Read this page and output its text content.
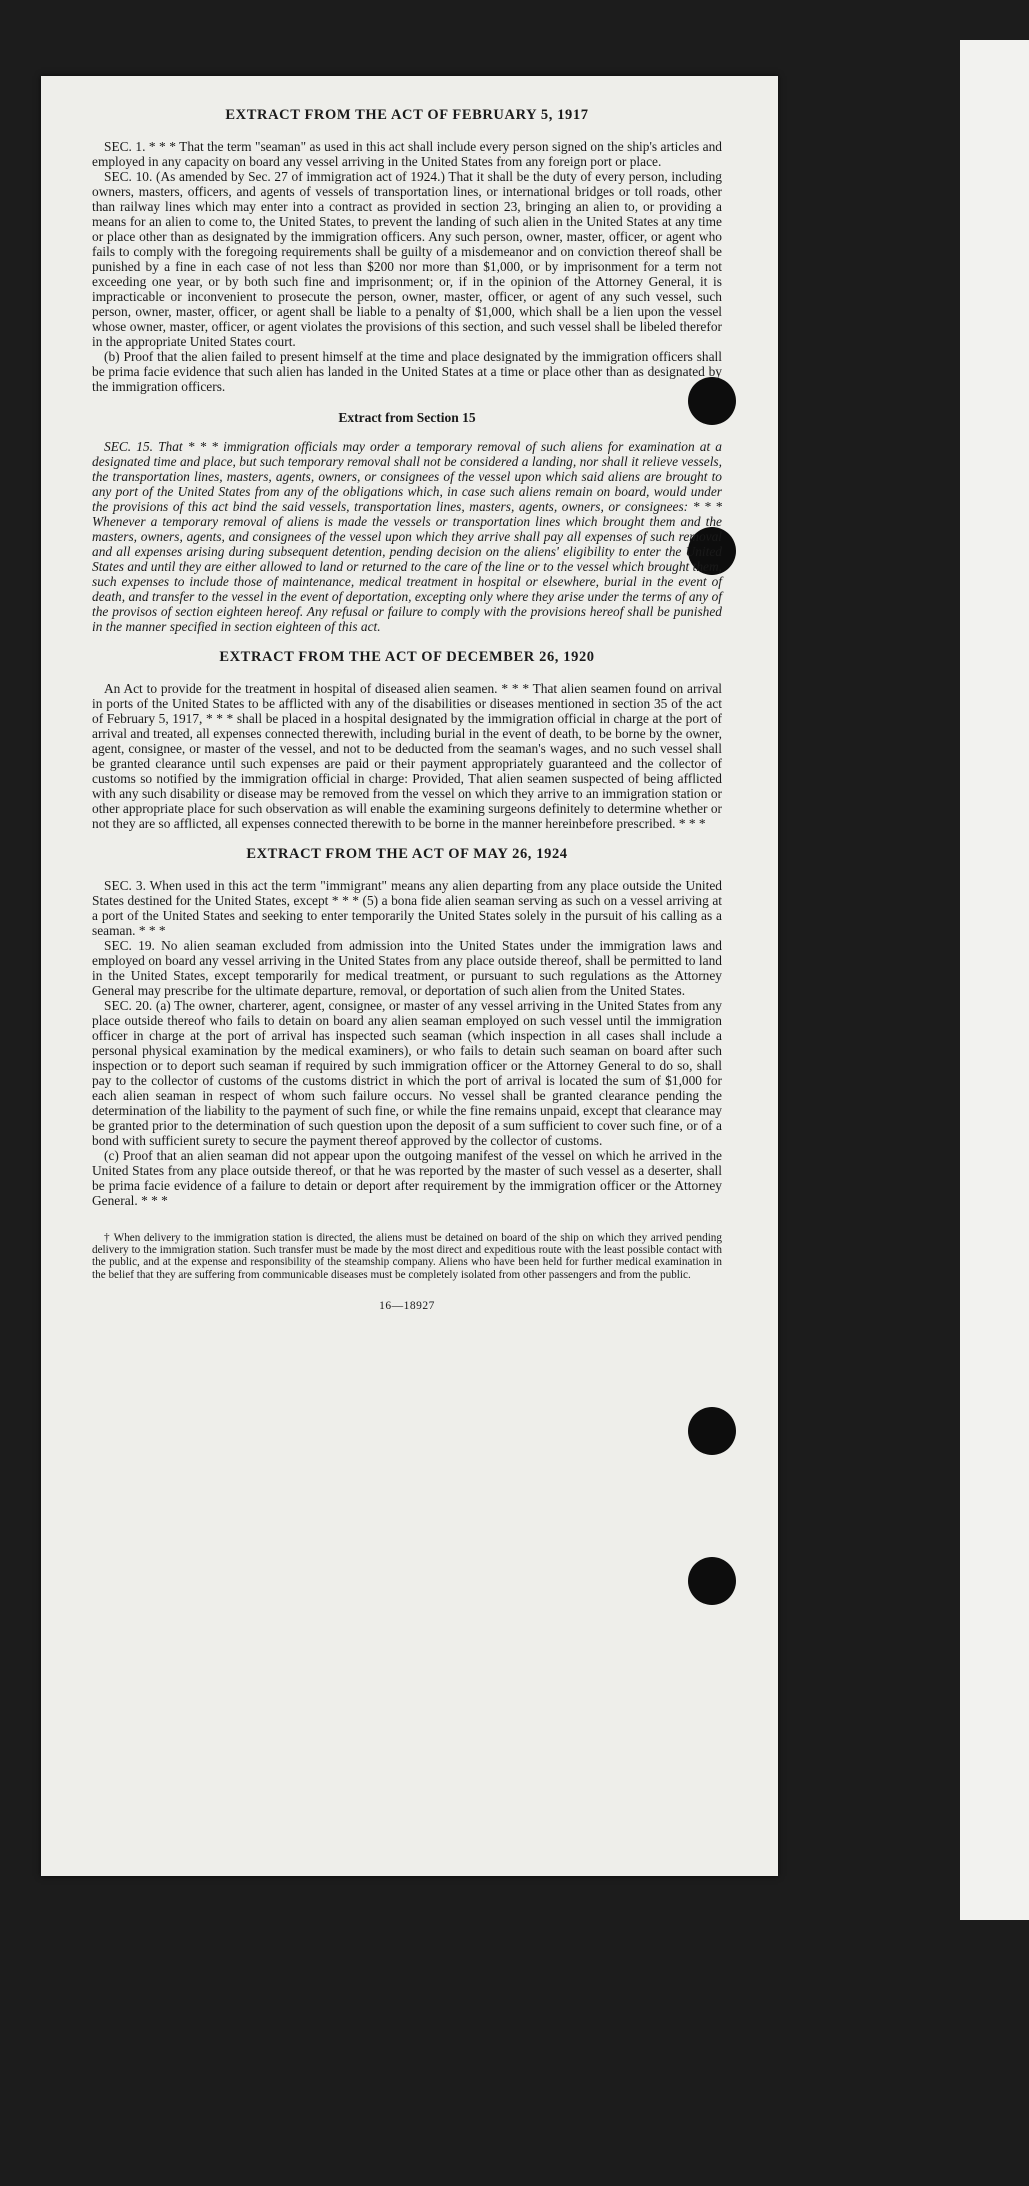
EXTRACT FROM THE ACT OF FEBRUARY 5, 1917

SEC. 1. * * * That the term "seaman" as used in this act shall include every person signed on the ship's articles and employed in any capacity on board any vessel arriving in the United States from any foreign port or place.

SEC. 10. (As amended by Sec. 27 of immigration act of 1924.) That it shall be the duty of every person, including owners, masters, officers, and agents of vessels of transportation lines, or international bridges or toll roads, other than railway lines which may enter into a contract as provided in section 23, bringing an alien to, or providing a means for an alien to come to, the United States, to prevent the landing of such alien in the United States at any time or place other than as designated by the immigration officers. Any such person, owner, master, officer, or agent who fails to comply with the foregoing requirements shall be guilty of a misdemeanor and on conviction thereof shall be punished by a fine in each case of not less than $200 nor more than $1,000, or by imprisonment for a term not exceeding one year, or by both such fine and imprisonment; or, if in the opinion of the Attorney General, it is impracticable or inconvenient to prosecute the person, owner, master, officer, or agent of any such vessel, such person, owner, master, officer, or agent shall be liable to a penalty of $1,000, which shall be a lien upon the vessel whose owner, master, officer, or agent violates the provisions of this section, and such vessel shall be libeled therefor in the appropriate United States court.

(b) Proof that the alien failed to present himself at the time and place designated by the immigration officers shall be prima facie evidence that such alien has landed in the United States at a time or place other than as designated by the immigration officers.

Extract from Section 15

SEC. 15. That * * * immigration officials may order a temporary removal of such aliens for examination at a designated time and place, but such temporary removal shall not be considered a landing, nor shall it relieve vessels, the transportation lines, masters, agents, owners, or consignees of the vessel upon which said aliens are brought to any port of the United States from any of the obligations which, in case such aliens remain on board, would under the provisions of this act bind the said vessels, transportation lines, masters, agents, owners, or consignees: * * * Whenever a temporary removal of aliens is made the vessels or transportation lines which brought them and the masters, owners, agents, and consignees of the vessel upon which they arrive shall pay all expenses of such removal and all expenses arising during subsequent detention, pending decision on the aliens' eligibility to enter the United States and until they are either allowed to land or returned to the care of the line or to the vessel which brought them, such expenses to include those of maintenance, medical treatment in hospital or elsewhere, burial in the event of death, and transfer to the vessel in the event of deportation, excepting only where they arise under the terms of any of the provisos of section eighteen hereof. Any refusal or failure to comply with the provisions hereof shall be punished in the manner specified in section eighteen of this act.

EXTRACT FROM THE ACT OF DECEMBER 26, 1920

An Act to provide for the treatment in hospital of diseased alien seamen. * * * That alien seamen found on arrival in ports of the United States to be afflicted with any of the disabilities or diseases mentioned in section 35 of the act of February 5, 1917, * * * shall be placed in a hospital designated by the immigration official in charge at the port of arrival and treated, all expenses connected therewith, including burial in the event of death, to be borne by the owner, agent, consignee, or master of the vessel, and not to be deducted from the seaman's wages, and no such vessel shall be granted clearance until such expenses are paid or their payment appropriately guaranteed and the collector of customs so notified by the immigration official in charge: Provided, That alien seamen suspected of being afflicted with any such disability or disease may be removed from the vessel on which they arrive to an immigration station or other appropriate place for such observation as will enable the examining surgeons definitely to determine whether or not they are so afflicted, all expenses connected therewith to be borne in the manner hereinbefore prescribed. * * *

EXTRACT FROM THE ACT OF MAY 26, 1924

SEC. 3. When used in this act the term "immigrant" means any alien departing from any place outside the United States destined for the United States, except * * * (5) a bona fide alien seaman serving as such on a vessel arriving at a port of the United States and seeking to enter temporarily the United States solely in the pursuit of his calling as a seaman. * * *

SEC. 19. No alien seaman excluded from admission into the United States under the immigration laws and employed on board any vessel arriving in the United States from any place outside thereof, shall be permitted to land in the United States, except temporarily for medical treatment, or pursuant to such regulations as the Attorney General may prescribe for the ultimate departure, removal, or deportation of such alien from the United States.

SEC. 20. (a) The owner, charterer, agent, consignee, or master of any vessel arriving in the United States from any place outside thereof who fails to detain on board any alien seaman employed on such vessel until the immigration officer in charge at the port of arrival has inspected such seaman (which inspection in all cases shall include a personal physical examination by the medical examiners), or who fails to detain such seaman on board after such inspection or to deport such seaman if required by such immigration officer or the Attorney General to do so, shall pay to the collector of customs of the customs district in which the port of arrival is located the sum of $1,000 for each alien seaman in respect of whom such failure occurs. No vessel shall be granted clearance pending the determination of the liability to the payment of such fine, or while the fine remains unpaid, except that clearance may be granted prior to the determination of such question upon the deposit of a sum sufficient to cover such fine, or of a bond with sufficient surety to secure the payment thereof approved by the collector of customs.

(c) Proof that an alien seaman did not appear upon the outgoing manifest of the vessel on which he arrived in the United States from any place outside thereof, or that he was reported by the master of such vessel as a deserter, shall be prima facie evidence of a failure to detain or deport after requirement by the immigration officer or the Attorney General. * * *

† When delivery to the immigration station is directed, the aliens must be detained on board of the ship on which they arrived pending delivery to the immigration station. Such transfer must be made by the most direct and expeditious route with the least possible contact with the public, and at the expense and responsibility of the steamship company. Aliens who have been held for further medical examination in the belief that they are suffering from communicable diseases must be completely isolated from other passengers and from the public.

16—18927
